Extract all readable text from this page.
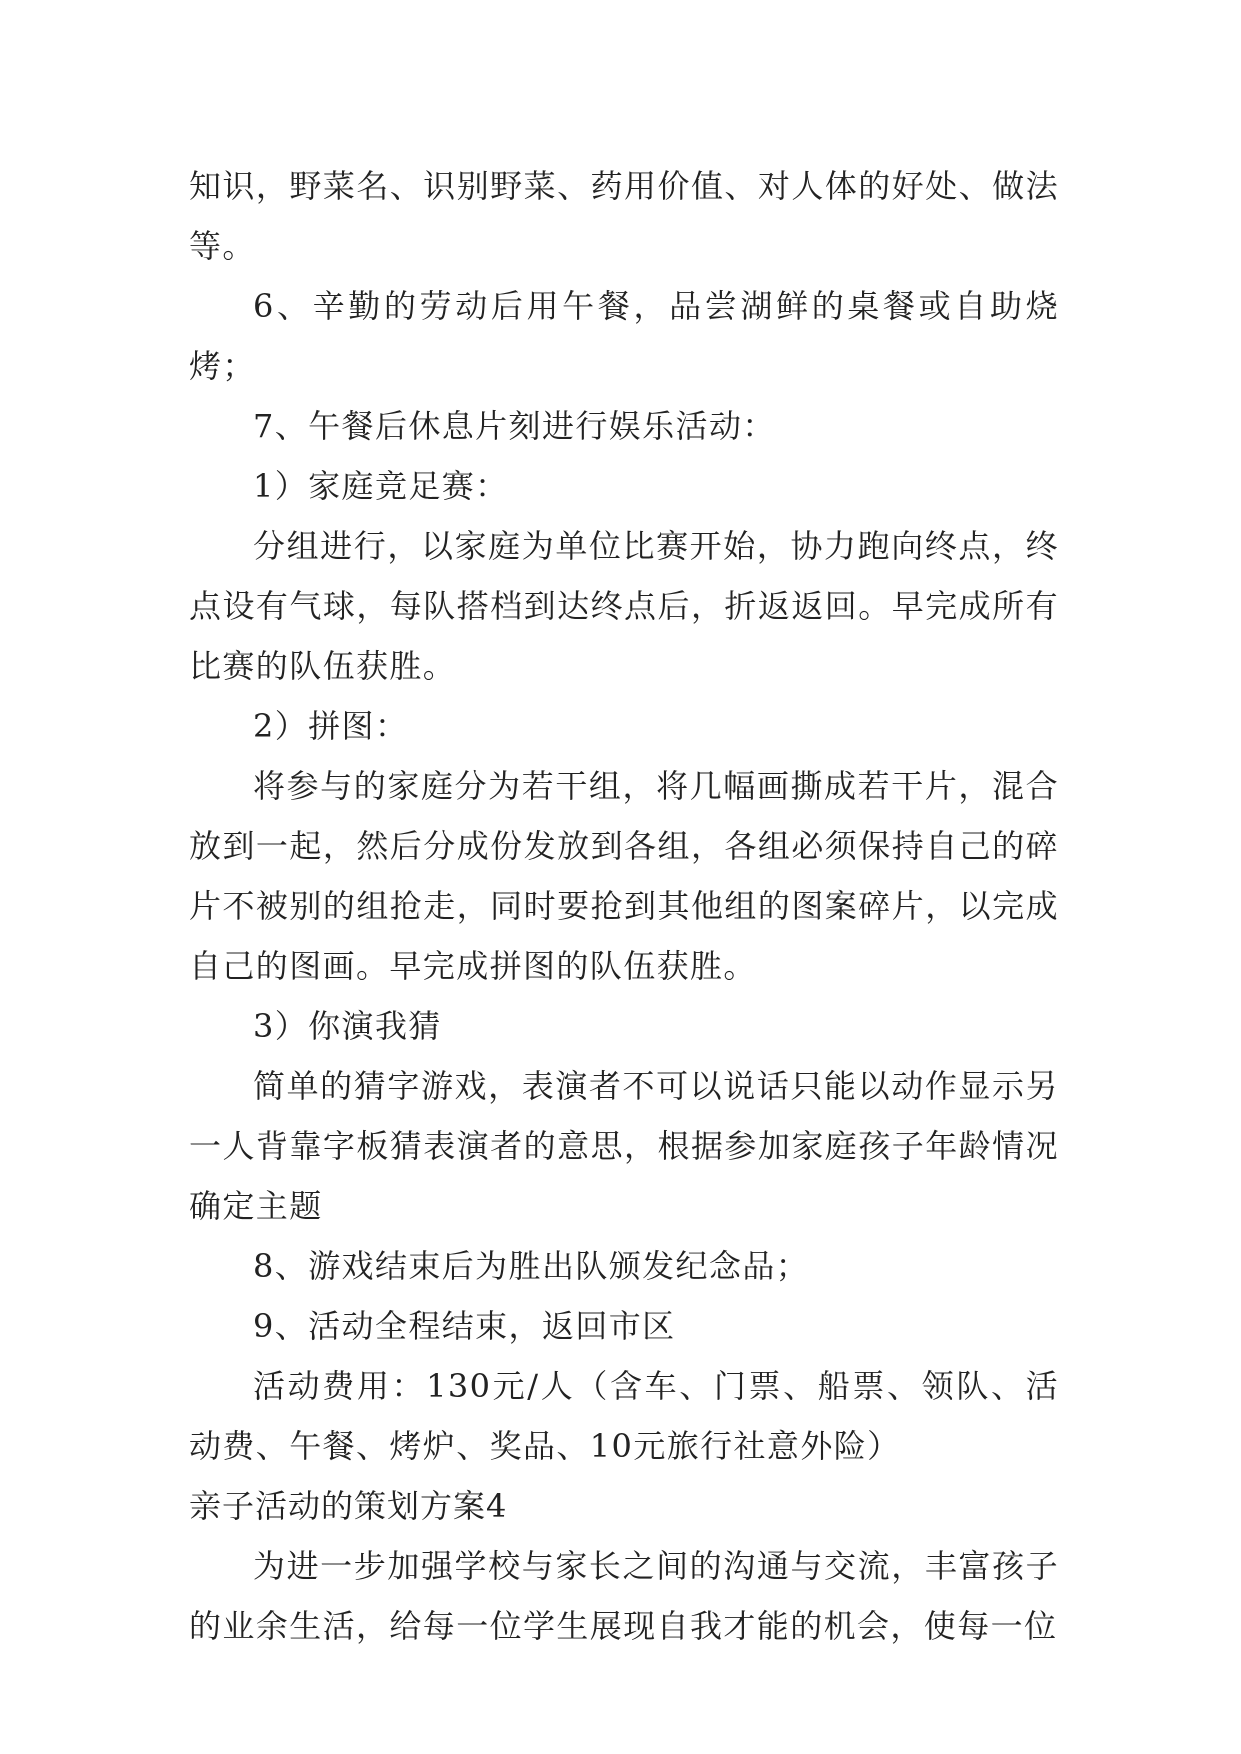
知识，野菜名、识别野菜、药用价值、对人体的好处、做法等。

6、辛勤的劳动后用午餐，品尝湖鲜的桌餐或自助烧烤；

7、午餐后休息片刻进行娱乐活动：

1）家庭竞足赛：

分组进行，以家庭为单位比赛开始，协力跑向终点，终点设有气球，每队搭档到达终点后，折返返回。早完成所有比赛的队伍获胜。

2）拼图：

将参与的家庭分为若干组，将几幅画撕成若干片，混合放到一起，然后分成份发放到各组，各组必须保持自己的碎片不被别的组抢走，同时要抢到其他组的图案碎片，以完成自己的图画。早完成拼图的队伍获胜。

3）你演我猜

简单的猜字游戏，表演者不可以说话只能以动作显示另一人背靠字板猜表演者的意思，根据参加家庭孩子年龄情况确定主题

8、游戏结束后为胜出队颁发纪念品；

9、活动全程结束，返回市区

活动费用：130元/人（含车、门票、船票、领队、活动费、午餐、烤炉、奖品、10元旅行社意外险）

亲子活动的策划方案4

为进一步加强学校与家长之间的沟通与交流，丰富孩子的业余生活，给每一位学生展现自我才能的机会，使每一位
